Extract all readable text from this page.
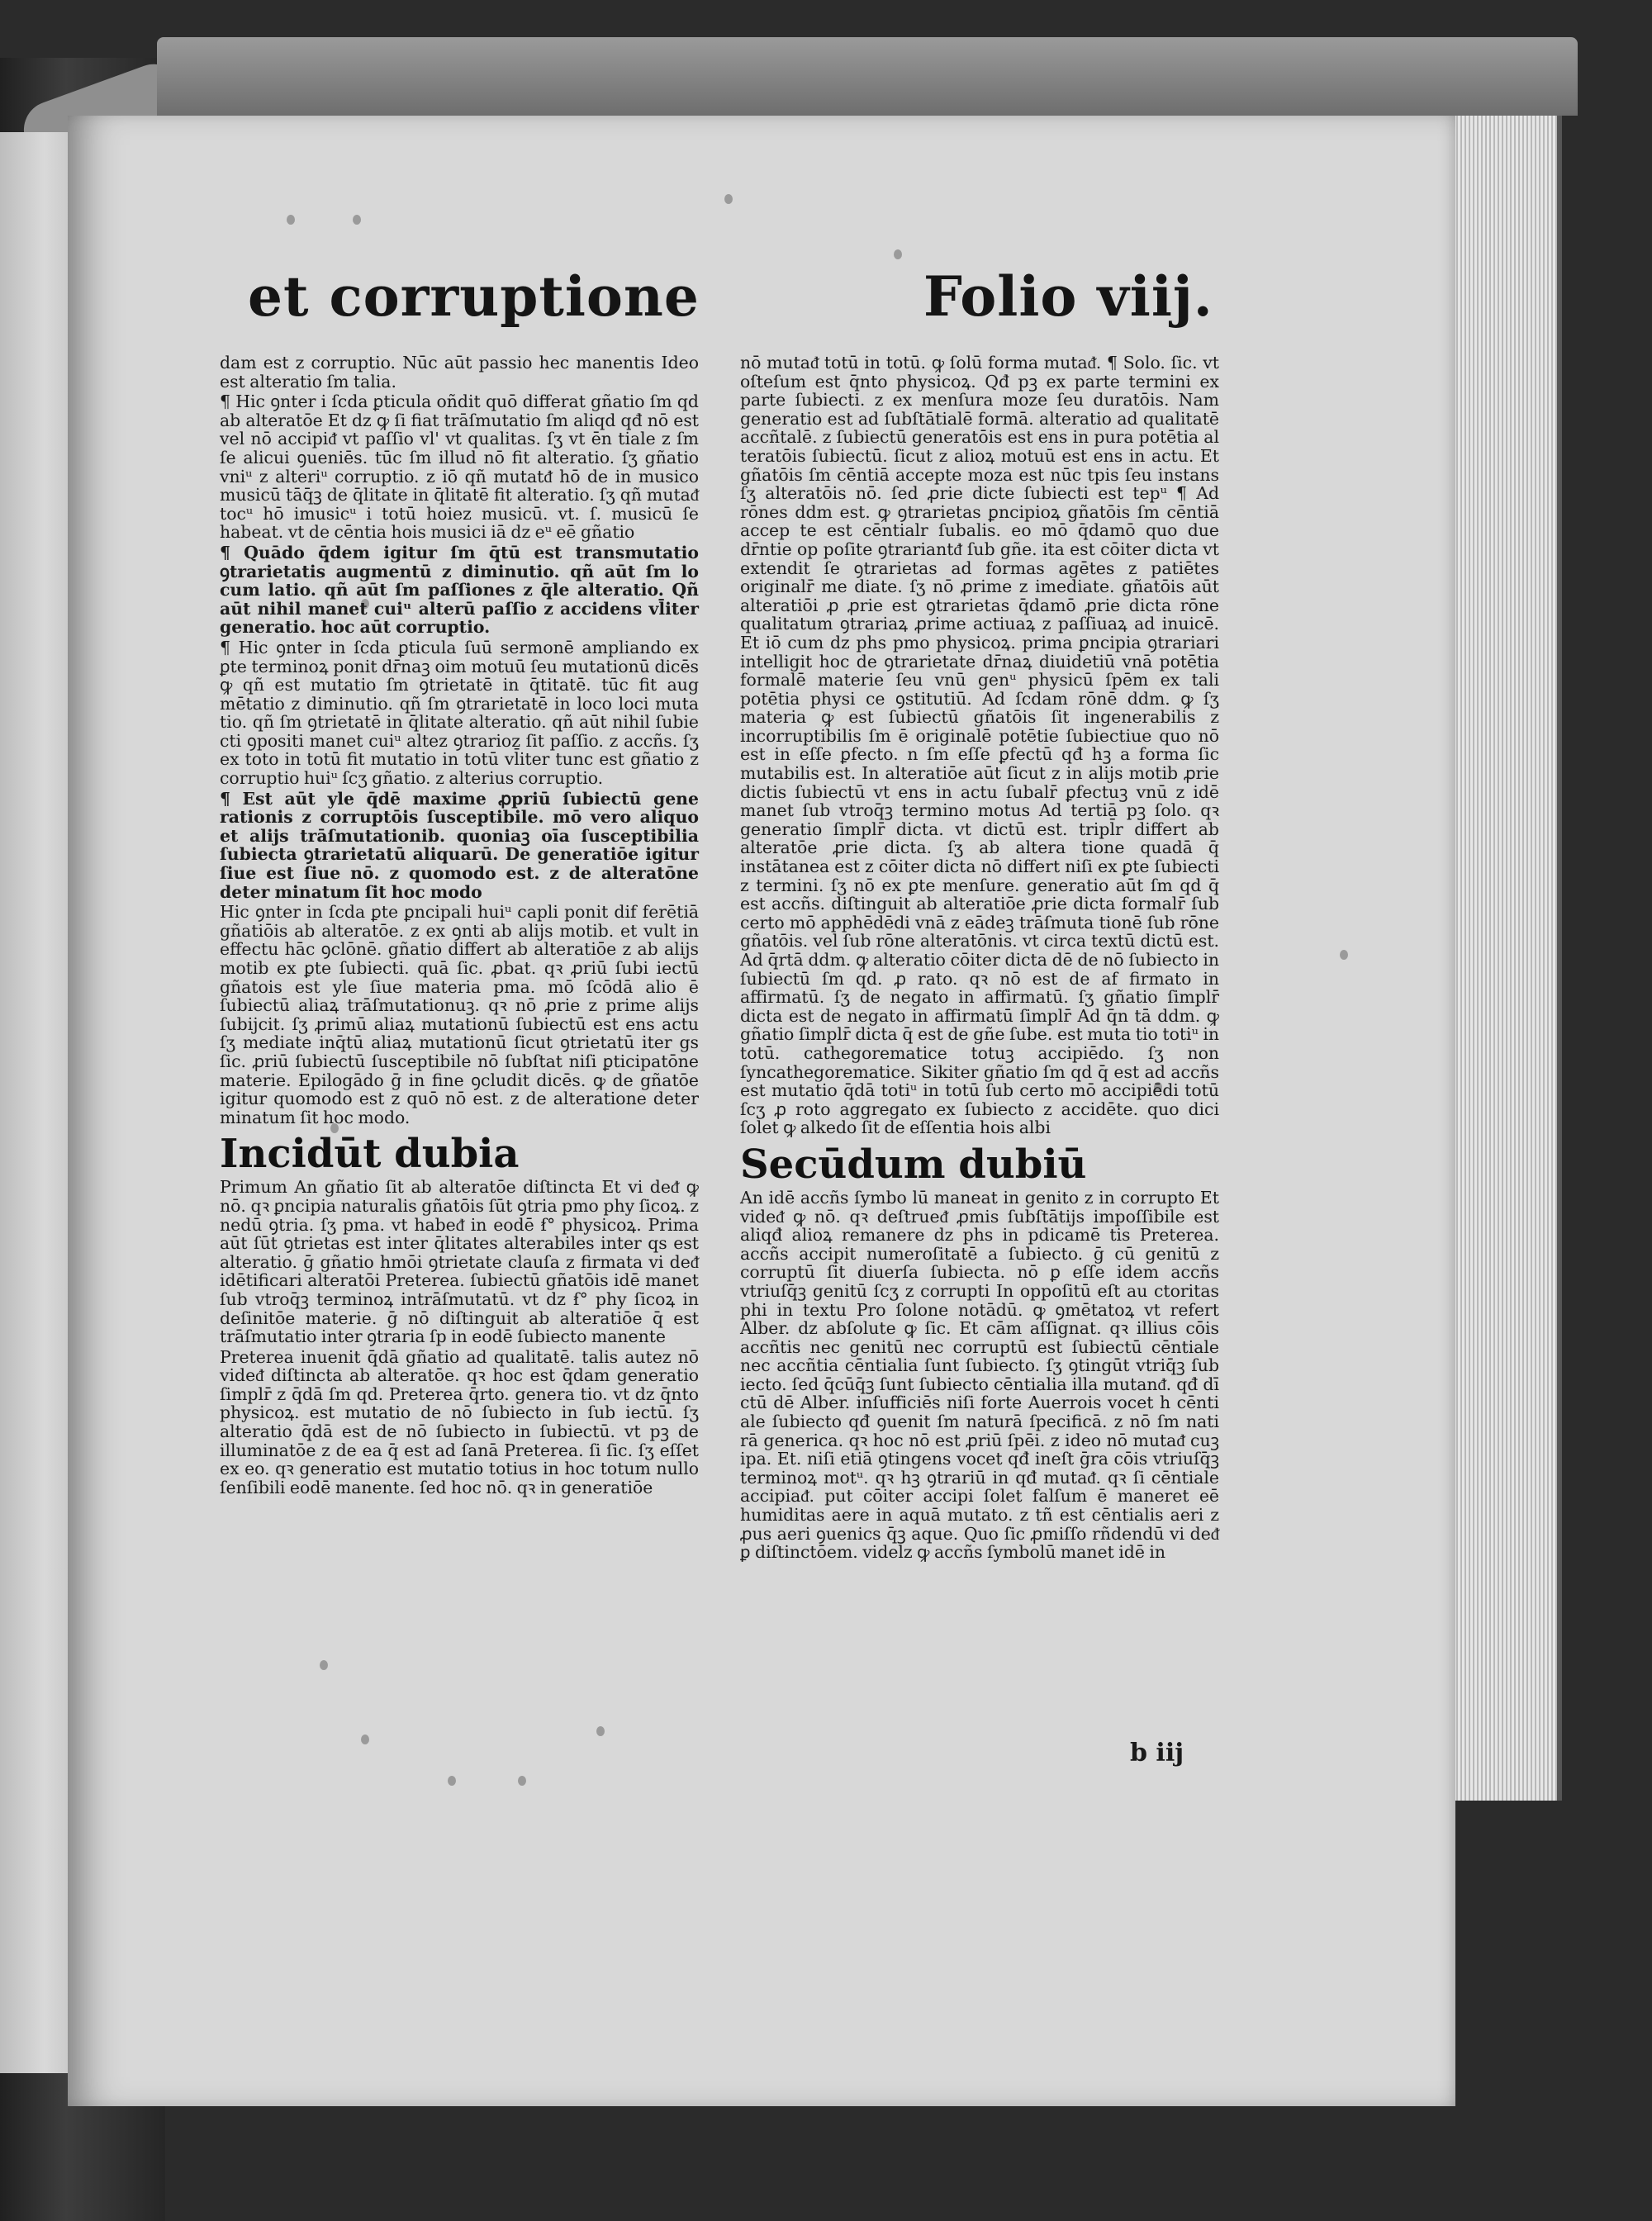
et corruptione	Folio viij.

dam est z corruptio. Nūc aūt passio hec manentis Ideo est alteratio ſm talia.

¶ Hic ꝯnter i ſcda ꝑticula oñdit quō differat gñatio ſm qd ab alteratōe Et dz ꝙ ſi fiat trāſmutatio ſm aliqd qđ nō est vel nō accipiᵭ vt paſſio vl' vt qualitas. ſʒ vt ēn tiale z ſm ſe alicui ꝯueniēs. tūc ſm illud nō fit alteratio. ſʒ gñatio vniᵘ z alteriᵘ corruptio. z iō qñ mutatᵭ hō de in musico musicū tāq̄ꝫ de q̄litate in q̄litatē fit alteratio. ſʒ qñ mutaᵭ tocᵘ hō imusicᵘ i totū hoiez musicū. vt. ſ. musicū ſe habeat. vt de cēntia hois musici iā dz eᵘ eē gñatio

¶ Quādo q̄dem igitur ſm q̄tū est transmutatio ꝯtrarietatis augmentū z diminutio. qñ aūt ſm lo cum latio. qñ aūt ſm paſſiones z q̄le alteratio. Qñ aūt nihil manet cuiᵘ alterū paſſio z accidens vl̄iter generatio. hoc aūt corruptio.

¶ Hic ꝯnter in ſcda ꝑticula ſuū sermonē ampliando ex ꝑte terminoꝝ ponit dr̄naꝫ oim motuū ſeu mutationū dicēs ꝙ qñ est mutatio ſm ꝯtrietatē in q̄titatē. tūc fit aug mētatio z diminutio. qñ ſm ꝯtrarietatē in loco loci muta tio. qñ ſm ꝯtrietatē in q̄litate alteratio. qñ aūt nihil ſubie cti ꝯpositi manet cuiᵘ altez ꝯtrarioz ſit paſſio. z accñs. ſʒ ex toto in totū fit mutatio in totū vl̄iter tunc est gñatio z corruptio huiᵘ ſcʒ gñatio. z alterius corruptio.

¶ Est aūt yle q̄dē maxime ꝓpriū ſubiectū gene rationis z corruptōis ſusceptibile. mō vero aliquo et alijs trāſmutationib. quoniaꝫ oīa ſusceptibilia ſubiecta ꝯtrarietatū aliquarū. De generatiōe igitur ſiue est ſiue nō. z quomodo est. z de alteratōne deter minatum ſit hoc modo

Hic ꝯnter in ſcda ꝑte ꝑncipali huiᵘ capli ponit dif ferētiā gñatiōis ab alteratōe. z ex ꝯnti ab alijs motib. et vult in effectu hāc ꝯclōnē. gñatio differt ab alteratiōe z ab alijs motib ex ꝑte ſubiecti. quā ſic. ꝓbat. qꝛ ꝓriū ſubi iectū gñatois est yle ſiue materia pma. mō ſcōdā alio ē ſubiectū aliaꝝ trāſmutationuꝫ. qꝛ nō ꝓrie z prime alijs ſubijcit. ſʒ ꝓrimū aliaꝝ mutationū ſubiectū est ens actu ſʒ mediate inq̄tū aliaꝝ mutationū ſicut ꝯtrietatū iter gs ſic. ꝓriū ſubiectū ſusceptibile nō ſubſtat niſi ꝑticipatōne materie. Epilogādo ḡ in fine ꝯcludit dicēs. ꝙ de gñatōe igitur quomodo est z quō nō est. z de alteratione deter minatum ſit hoc modo.

Incidūt dubia
Primum An gñatio ſit ab alteratōe diſtincta Et vi deᵭ ꝙ nō. qꝛ ꝑncipia naturalis gñatōis ſūt ꝯtria pmo phy ſicoꝝ. z nedū ꝯtria. ſʒ pma. vt habeᵭ in eodē ẜ° physicoꝝ. Prima aūt ſūt ꝯtrietas est inter q̄litates alterabiles inter qs est alteratio. ḡ gñatio hmōi ꝯtrietate clauſa z firmata vi deᵭ idētificari alteratōi Preterea. ſubiectū gñatōis idē manet ſub vtroq̄ꝫ terminoꝝ intrāſmutatū. vt dz ẜ° phy ſicoꝝ in deſinitōe materie. ḡ nō diſtinguit ab alteratiōe q̄ est trāſmutatio inter ꝯtraria ſp in eodē ſubiecto manente

Preterea inuenit q̄dā gñatio ad qualitatē. talis autez nō videᵭ diſtincta ab alteratōe. qꝛ hoc est q̄dam generatio ſimplr̄ z q̄dā ſm qd. Preterea q̄rto. genera tio. vt dz q̄nto physicoꝝ. est mutatio de nō ſubiecto in ſub iectū. ſʒ alteratio q̄dā est de nō ſubiecto in ſubiectū. vt pꝫ de illuminatōe z de ea q̄ est ad ſanā Preterea. ſi ſic. ſʒ eſſet ex eo. qꝛ generatio est mutatio totius in hoc totum nullo ſenſibili eodē manente. ſed hoc nō. qꝛ in generatiōe

nō mutaᵭ totū in totū. ꝙ ſolū forma mutaᵭ. ¶ Solo. ſic. vt oſteſum est q̄nto physicoꝝ. Qđ pꝫ ex parte termini ex parte ſubiecti. z ex menſura moze ſeu duratōis. Nam generatio est ad ſubſtātialē formā. alteratio ad qualitatē accñtalē. z ſubiectū generatōis est ens in pura potētia al teratōis ſubiectū. ſicut z alioꝝ motuū est ens in actu. Et gñatōis ſm cēntiā accepte moza est nūc tpis ſeu instans ſʒ alteratōis nō. ſed ꝓrie dicte ſubiecti est tepᵘ ¶ Ad rōnes ddm est. ꝙ ꝯtrarietas ꝑncipioꝝ gñatōis ſm cēntiā accep te est cēntialr ſubalis. eo mō q̄damō quo due dr̄ntie op poſite ꝯtrariantᵭ ſub gñe. ita est cōiter dicta vt extendit ſe ꝯtrarietas ad formas agētes z patiētes originalr̄ me diate. ſʒ nō ꝓrime z imediate. gñatōis aūt alteratiōi ꝓ ꝓrie est ꝯtrarietas q̄damō ꝓrie dicta rōne qualitatum ꝯtrariaꝝ ꝓrime actiuaꝝ z paſſiuaꝝ ad inuicē. Et iō cum dz phs pmo physicoꝝ. prima ꝑncipia ꝯtrariari intelligit hoc de ꝯtrarietate dr̄naꝝ diuidetiū vnā potētia formalē materie ſeu vnū genᵘ physicū ſpēm ex tali potētia physi ce ꝯstitutiū. Ad ſcdam rōnē ddm. ꝙ ſʒ materia ꝙ est ſubiectū gñatōis ſit ingenerabilis z incorruptibilis ſm ē originalē potētie ſubiectiue quo nō est in eſſe ꝑfecto. n ſm eſſe ꝑfectū qđ hꝫ a forma ſic mutabilis est. In alteratiōe aūt ſicut z in alijs motib ꝓrie dictis ſubiectū vt ens in actu ſubalr̄ ꝑfectuꝫ vnū z idē manet ſub vtroq̄ꝫ termino motus Ad tertiā pꝫ ſolo. qꝛ generatio ſimplr̄ dicta. vt dictū est. tripl̄r differt ab alteratōe ꝓrie dicta. ſʒ ab altera tione quadā q̄ instātanea est z cōiter dicta nō differt niſi ex ꝑte ſubiecti z termini. ſʒ nō ex ꝑte menſure. generatio aūt ſm qd q̄ est accñs. diſtinguit ab alteratiōe ꝓrie dicta formalr̄ ſub certo mō apphēdēdi vnā z eādeꝫ trāſmuta tionē ſub rōne gñatōis. vel ſub rōne alteratōnis. vt circa textū dictū est. Ad q̄rtā ddm. ꝙ alteratio cōiter dicta dē de nō ſubiecto in ſubiectū ſm qd. ꝓ rato. qꝛ nō est de af firmato in affirmatū. ſʒ de negato in affirmatū. ſʒ gñatio ſimplr̄ dicta est de negato in affirmatū ſimplr̄ Ad q̄n tā ddm. ꝙ gñatio ſimplr̄ dicta q̄ est de gñe ſube. est muta tio totiᵘ in totū. cathegorematice totuꝫ accipiēdo. ſʒ non ſyncathegorematice. Sikiter gñatio ſm qd q̄ est ad accñs est mutatio q̄dā totiᵘ in totū ſub certo mō accipiēdi totū ſcʒ ꝓ roto aggregato ex ſubiecto z accidēte. quo dici ſolet ꝙ alkedo ſit de eſſentia hois albi

Secūdum dubiū
An idē accñs ſymbo lū maneat in genito z in corrupto Et videᵭ ꝙ nō. qꝛ deſtrueᵭ ꝓmis ſubſtātijs impoſſibile est aliqđ alioꝝ remanere dz phs in pdicamē tis Preterea. accñs accipit numeroſitatē a ſubiecto. ḡ cū genitū z corruptū ſit diuerſa ſubiecta. nō ꝑ eſſe idem accñs vtriuſq̄ꝫ genitū ſcʒ z corrupti In oppoſitū eſt au ctoritas phi in textu Pro ſolone notādū. ꝙ ꝯmētatoꝝ vt refert Alber. dz abſolute ꝙ ſic. Et cām aſſignat. qꝛ illius cōis accñtis nec genitū nec corruptū est ſubiectū cēntiale nec accñtia cēntialia ſunt ſubiecto. ſʒ ꝯtingūt vtriq̄ꝫ ſub iecto. ſed q̄cūq̄ꝫ ſunt ſubiecto cēntialia illa mutanᵭ. qđ dī ctū dē Alber. inſufficiēs niſi forte Auerrois vocet h cēnti ale ſubiecto qđ ꝯuenit ſm naturā ſpecificā. z nō ſm nati rā generica. qꝛ hoc nō est ꝓriū ſpēi. z ideo nō mutaᵭ cuꝫ ipa. Et. niſi etiā ꝯtingens vocet qđ ineſt ḡra cōis vtriuſq̄ꝫ terminoꝝ motᵘ. qꝛ hꝫ ꝯtrariū in qđ mutaᵭ. qꝛ ſi cēntiale accipiaᵭ. put cōiter accipi ſolet falſum ē maneret eē humiditas aere in aquā mutato. z tñ est cēntialis aeri z ꝓus aeri ꝯuenics q̄ꝫ aque. Quo ſic ꝓmiſſo rñdendū vi deᵭ ꝑ diſtinctōem. videlz ꝙ accñs ſymbolū manet idē in

b iij
